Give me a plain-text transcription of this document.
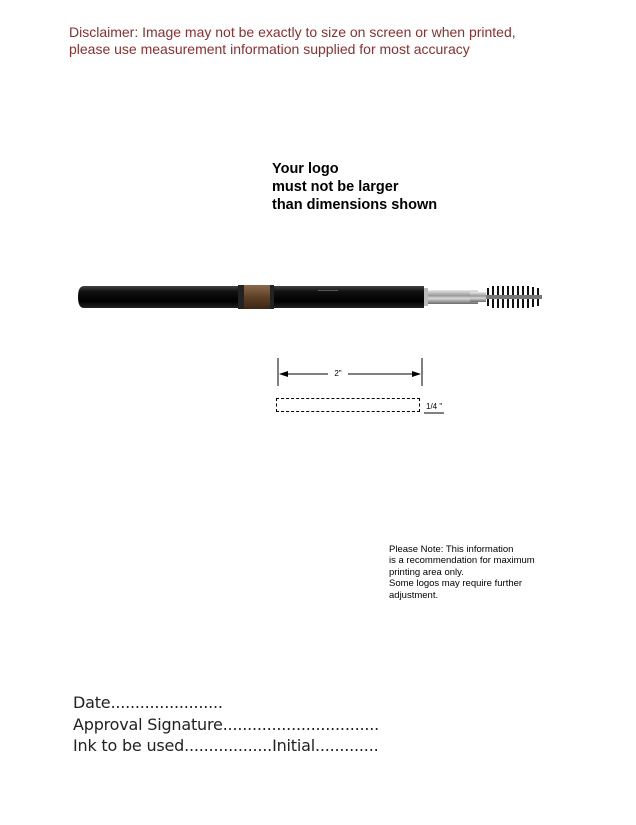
Disclaimer: Image may not be exactly to size on screen or when printed,
please use measurement information supplied for most accuracy
Your logo
must not be larger
than dimensions shown
2"
1/4 "
Please Note: This information
is a recommendation for maximum
printing area only.
Some logos may require further
adjustment.
Date.......................
Approval Signature................................
Ink to be used..................Initial.............
